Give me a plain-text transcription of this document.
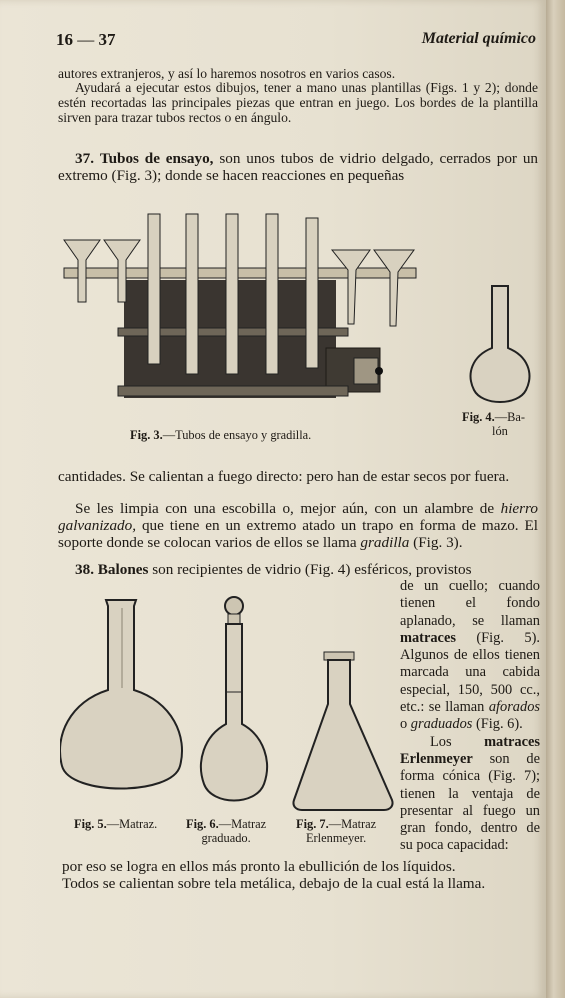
16 — 37	Material químico
autores extranjeros, y así lo haremos nosotros en varios casos.
Ayudará a ejecutar estos dibujos, tener a mano unas plantillas (Figs. 1 y 2); donde estén recortadas las principales piezas que entran en juego. Los bordes de la plantilla sirven para trazar tubos rectos o en ángulo.
37. Tubos de ensayo, son unos tubos de vidrio delgado, cerrados por un extremo (Fig. 3); donde se hacen reacciones en pequeñas
Fig. 3.—Tubos de ensayo y gradilla.
Fig. 4.—Ba-
lón
cantidades. Se calientan a fuego directo: pero han de estar secos por fuera.
Se les limpia con una escobilla o, mejor aún, con un alambre de hierro galvanizado, que tiene en un extremo atado un trapo en forma de mazo. El soporte donde se colocan varios de ellos se llama gradilla (Fig. 3).
38. Balones son recipientes de vidrio (Fig. 4) esféricos, provistos
de un cuello; cuando tienen el fondo aplanado, se llaman matraces (Fig. 5). Algunos de ellos tienen marcada una cabida especial, 150, 500 cc., etc.: se llaman aforados o graduados (Fig. 6).
Los matraces Erlenmeyer son de forma cónica (Fig. 7); tienen la ventaja de presentar al fuego un gran fondo, dentro de su poca capacidad:
Fig. 5.—Matraz. Fig. 6.—Matraz
graduado.
Fig. 7.—Matraz
Erlenmeyer.
por eso se logra en ellos más pronto la ebullición de los líquidos.
Todos se calientan sobre tela metálica, debajo de la cual está la llama.
